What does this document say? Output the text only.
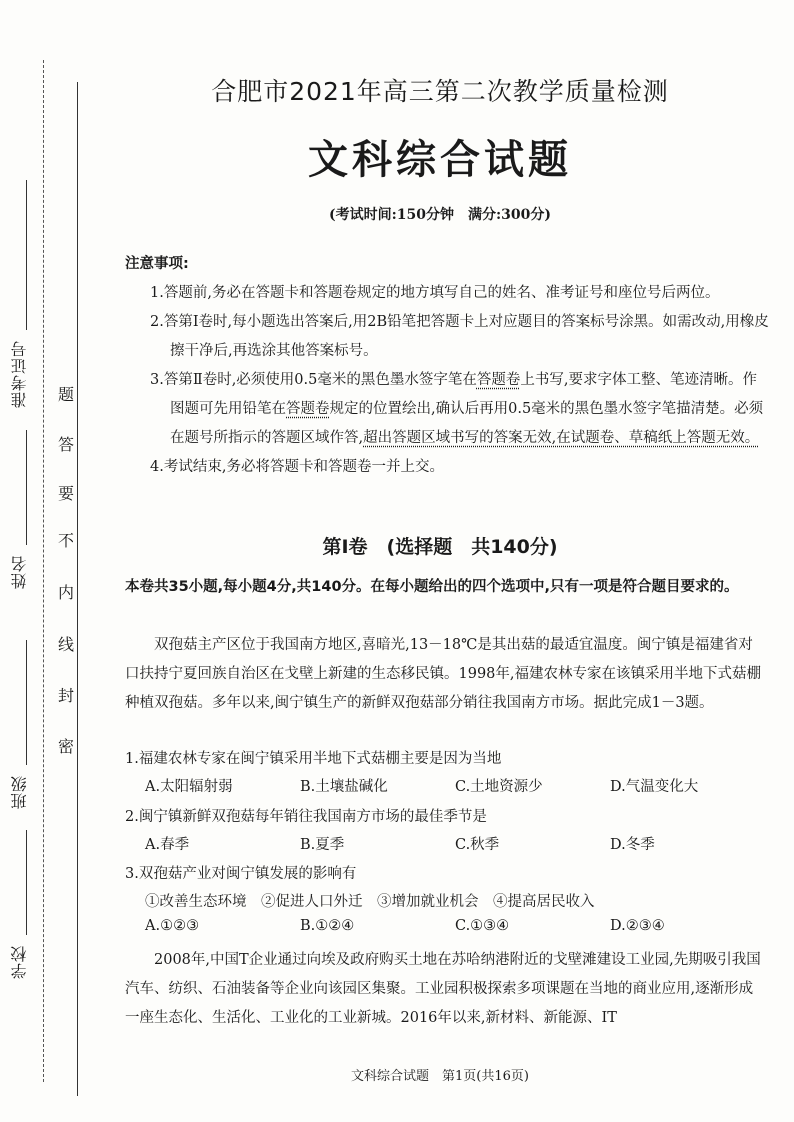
准考证号
姓名
班级
学校
题
答
要
不
内
线
封
密
合肥市2021年高三第二次教学质量检测
文科综合试题
(考试时间:150分钟　满分:300分)
注意事项:

1.答题前,务必在答题卡和答题卷规定的地方填写自己的姓名、准考证号和座位号后两位。

2.答第Ⅰ卷时,每小题选出答案后,用2B铅笔把答题卡上对应题目的答案标号涂黑。如需改动,用橡皮擦干净后,再选涂其他答案标号。

3.答第Ⅱ卷时,必须使用0.5毫米的黑色墨水签字笔在答题卷上书写,要求字体工整、笔迹清晰。作图题可先用铅笔在答题卷规定的位置绘出,确认后再用0.5毫米的黑色墨水签字笔描清楚。必须在题号所指示的答题区域作答,超出答题区域书写的答案无效,在试题卷、草稿纸上答题无效。

4.考试结束,务必将答题卡和答题卷一并上交。

第Ⅰ卷　(选择题　共140分)
本卷共35小题,每小题4分,共140分。在每小题给出的四个选项中,只有一项是符合题目要求的。
双孢菇主产区位于我国南方地区,喜暗光,13－18℃是其出菇的最适宜温度。闽宁镇是福建省对口扶持宁夏回族自治区在戈壁上新建的生态移民镇。1998年,福建农林专家在该镇采用半地下式菇棚种植双孢菇。多年以来,闽宁镇生产的新鲜双孢菇部分销往我国南方市场。据此完成1－3题。
1.福建农林专家在闽宁镇采用半地下式菇棚主要是因为当地
A.太阳辐射弱	B.土壤盐碱化	C.土地资源少	D.气温变化大
2.闽宁镇新鲜双孢菇每年销往我国南方市场的最佳季节是
A.春季	B.夏季	C.秋季	D.冬季
3.双孢菇产业对闽宁镇发展的影响有
①改善生态环境　②促进人口外迁　③增加就业机会　④提高居民收入
A.①②③	B.①②④	C.①③④	D.②③④
2008年,中国T企业通过向埃及政府购买土地在苏哈纳港附近的戈壁滩建设工业园,先期吸引我国汽车、纺织、石油装备等企业向该园区集聚。工业园积极探索多项课题在当地的商业应用,逐渐形成一座生态化、生活化、工业化的工业新城。2016年以来,新材料、新能源、IT
文科综合试题　第1页(共16页)
